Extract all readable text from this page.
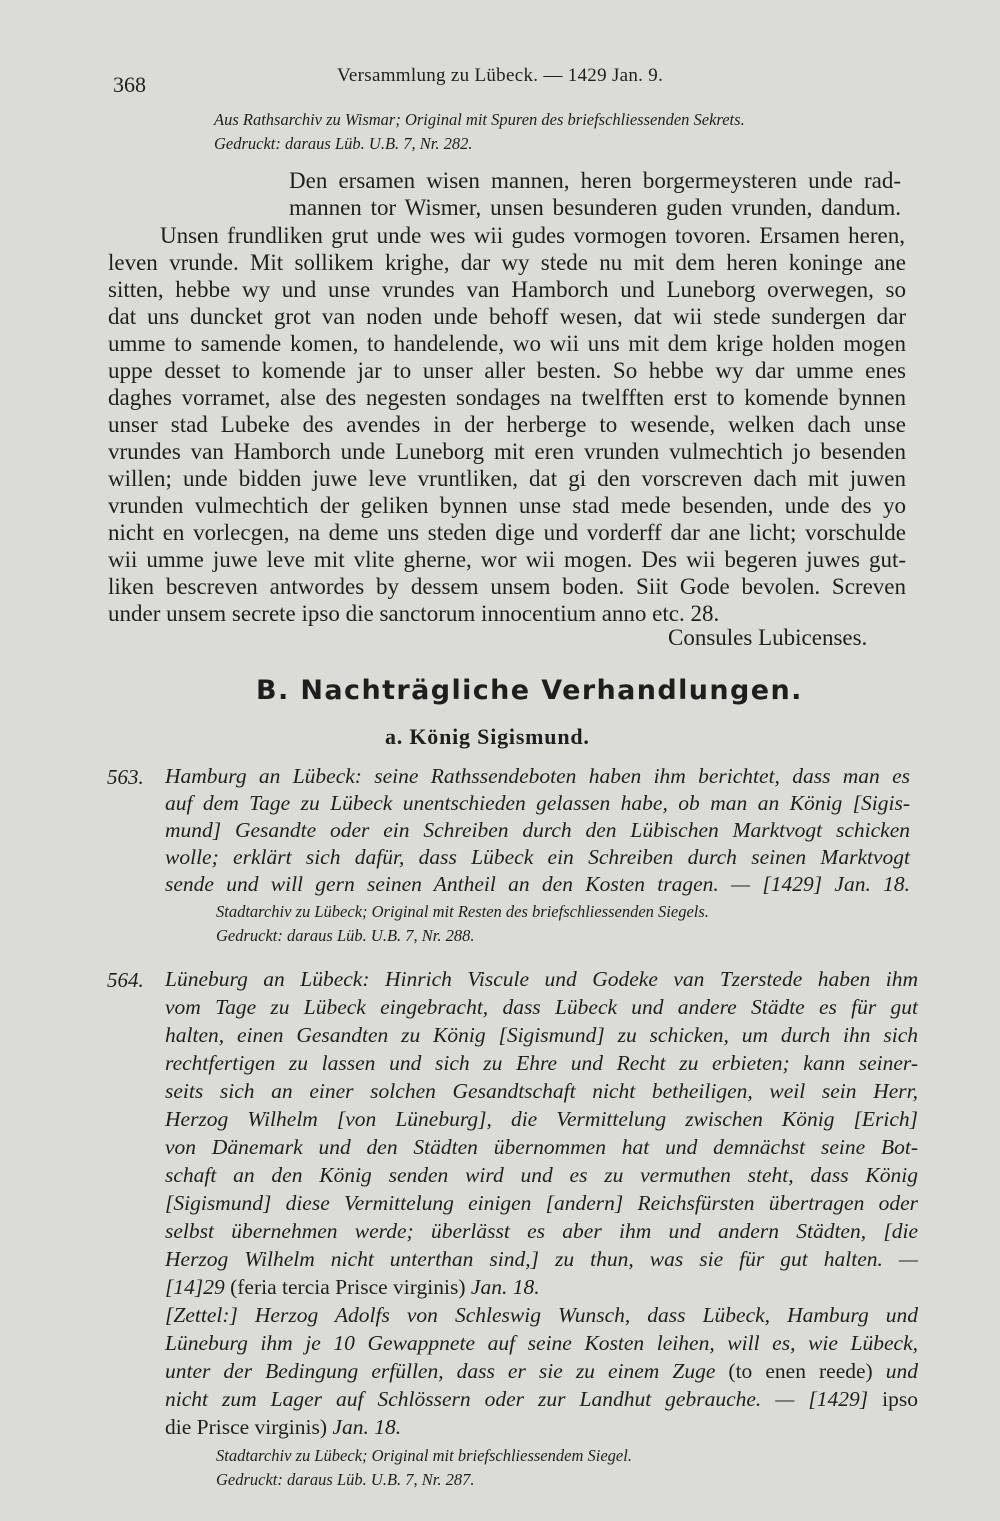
368	Versammlung zu Lübeck. — 1429 Jan. 9.
Aus Rathsarchiv zu Wismar; Original mit Spuren des briefschliessenden Sekrets.
Gedruckt: daraus Lüb. U.B. 7, Nr. 282.
Den ersamen wisen mannen, heren borgermeysteren unde rad-
mannen tor Wismer, unsen besunderen guden vrunden, dandum.
Unsen frundliken grut unde wes wii gudes vormogen tovoren. Ersamen heren,
leven vrunde. Mit sollikem krighe, dar wy stede nu mit dem heren koninge ane
sitten, hebbe wy und unse vrundes van Hamborch und Luneborg overwegen, so
dat uns duncket grot van noden unde behoff wesen, dat wii stede sundergen dar
umme to samende komen, to handelende, wo wii uns mit dem krige holden mogen
uppe desset to komende jar to unser aller besten. So hebbe wy dar umme enes
daghes vorramet, alse des negesten sondages na twelfften erst to komende bynnen
unser stad Lubeke des avendes in der herberge to wesende, welken dach unse
vrundes van Hamborch unde Luneborg mit eren vrunden vulmechtich jo besenden
willen; unde bidden juwe leve vruntliken, dat gi den vorscreven dach mit juwen
vrunden vulmechtich der geliken bynnen unse stad mede besenden, unde des yo
nicht en vorlecgen, na deme uns steden dige und vorderff dar ane licht; vorschulde
wii umme juwe leve mit vlite gherne, wor wii mogen. Des wii begeren juwes gut-
liken bescreven antwordes by dessem unsem boden. Siit Gode bevolen. Screven
under unsem secrete ipso die sanctorum innocentium anno etc. 28.
Consules Lubicenses.
B. Nachträgliche Verhandlungen.
a. König Sigismund.
563. Hamburg an Lübeck: seine Rathssendeboten haben ihm berichtet, dass man es
auf dem Tage zu Lübeck unentschieden gelassen habe, ob man an König [Sigis-
mund] Gesandte oder ein Schreiben durch den Lübischen Marktvogt schicken
wolle; erklärt sich dafür, dass Lübeck ein Schreiben durch seinen Marktvogt
sende und will gern seinen Antheil an den Kosten tragen. — [1429] Jan. 18.
Stadtarchiv zu Lübeck; Original mit Resten des briefschliessenden Siegels.
Gedruckt: daraus Lüb. U.B. 7, Nr. 288.
564. Lüneburg an Lübeck: Hinrich Viscule und Godeke van Tzerstede haben ihm
vom Tage zu Lübeck eingebracht, dass Lübeck und andere Städte es für gut
halten, einen Gesandten zu König [Sigismund] zu schicken, um durch ihn sich
rechtfertigen zu lassen und sich zu Ehre und Recht zu erbieten; kann seiner-
seits sich an einer solchen Gesandtschaft nicht betheiligen, weil sein Herr,
Herzog Wilhelm [von Lüneburg], die Vermittelung zwischen König [Erich]
von Dänemark und den Städten übernommen hat und demnächst seine Bot-
schaft an den König senden wird und es zu vermuthen steht, dass König
[Sigismund] diese Vermittelung einigen [andern] Reichsfürsten übertragen oder
selbst übernehmen werde; überlässt es aber ihm und andern Städten, [die
Herzog Wilhelm nicht unterthan sind,] zu thun, was sie für gut halten. —
[14]29 (feria tercia Prisce virginis) Jan. 18.
[Zettel:] Herzog Adolfs von Schleswig Wunsch, dass Lübeck, Hamburg und
Lüneburg ihm je 10 Gewappnete auf seine Kosten leihen, will es, wie Lübeck,
unter der Bedingung erfüllen, dass er sie zu einem Zuge (to enen reede) und
nicht zum Lager auf Schlössern oder zur Landhut gebrauche. — [1429] ipso
die Prisce virginis) Jan. 18.
Stadtarchiv zu Lübeck; Original mit briefschliessendem Siegel.
Gedruckt: daraus Lüb. U.B. 7, Nr. 287.
